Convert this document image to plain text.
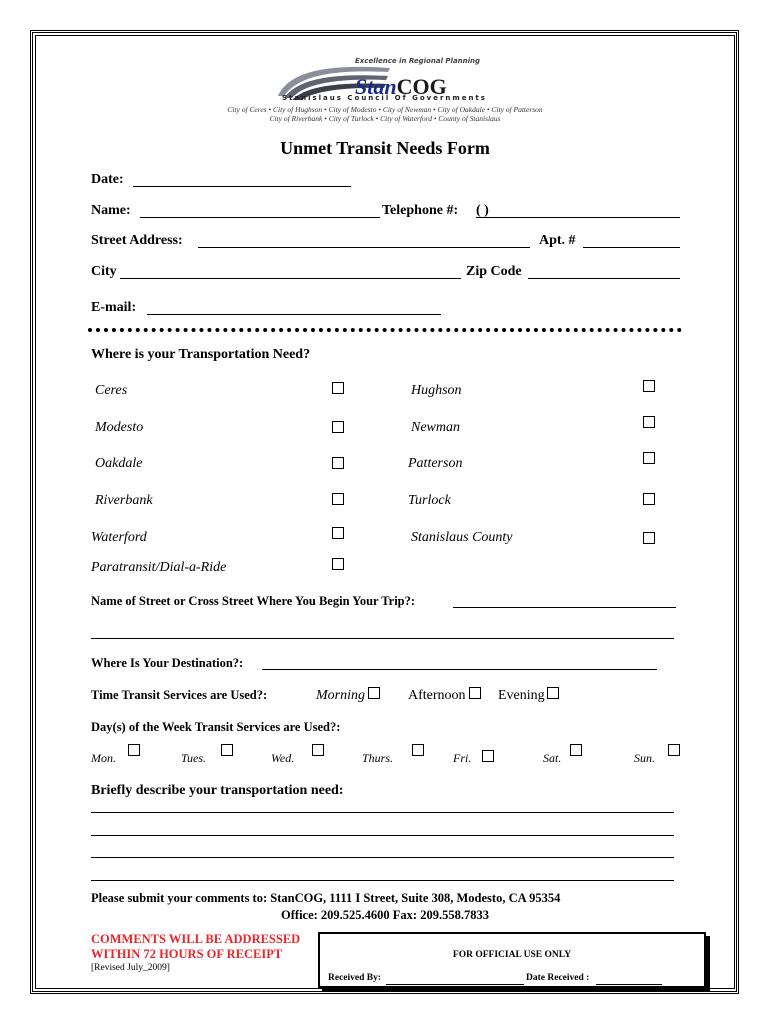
Excellence in Regional Planning
StanCOG
Stanislaus Council Of Governments
City of Ceres • City of Hughson • City of Modesto • City of Newman • City of Oakdale • City of Patterson
City of Riverbank • City of Turlock • City of Waterford • County of Stanislaus
Unmet Transit Needs Form
Date:
Name:	Telephone #: ( )
Street Address:	Apt. #
City	Zip Code
E-mail:
Where is your Transportation Need?
Ceres	Hughson
Modesto	Newman
Oakdale	Patterson
Riverbank	Turlock
Waterford	Stanislaus County
Paratransit/Dial-a-Ride
Name of Street or Cross Street Where You Begin Your Trip?:
Where Is Your Destination?:
Time Transit Services are Used?:	Morning	Afternoon Evening
Day(s) of the Week Transit Services are Used?:
Mon.	Tues.	Wed.	Thurs.	Fri.	Sat.	Sun.
Briefly describe your transportation need:
Please submit your comments to: StanCOG, 1111 I Street, Suite 308, Modesto, CA 95354
Office: 209.525.4600 Fax: 209.558.7833
COMMENTS WILL BE ADDRESSED
WITHIN 72 HOURS OF RECEIPT
[Revised July_2009]
FOR OFFICIAL USE ONLY
Received By:	Date Received :
